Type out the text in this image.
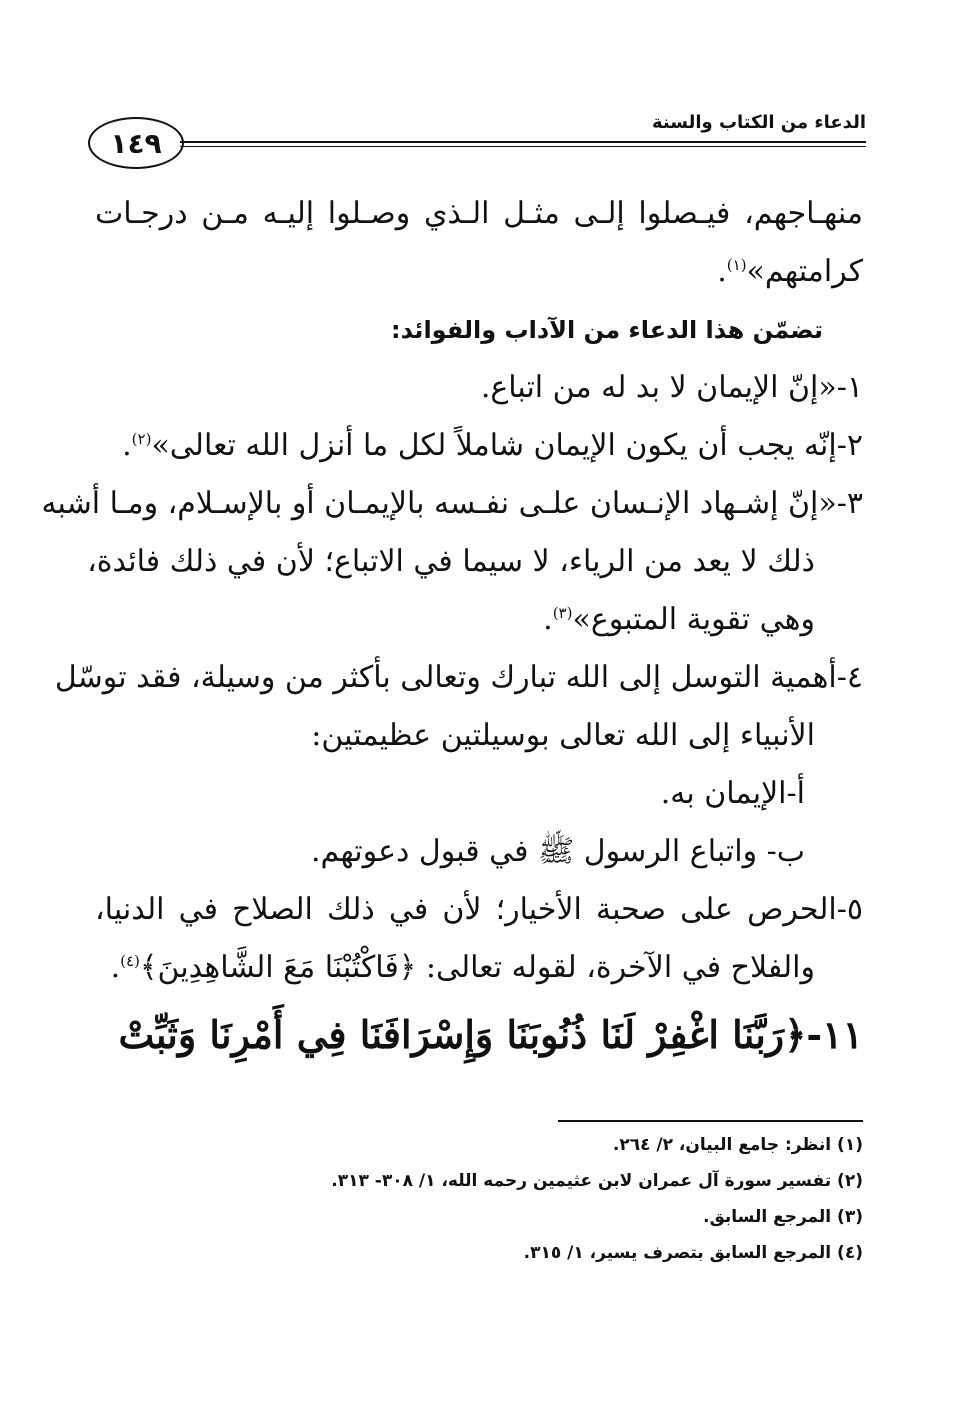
١٤٩
الدعاء من الكتاب والسنة
منهـاجهم، فيـصلوا إلـى مثـل الـذي وصـلوا إليـه مـن درجـات
كرامتهم»$^{(١)}$.
تضمّن هذا الدعاء من الآداب والفوائد:
١-«إنّ الإيمان لا بد له من اتباع.
٢-إنّه يجب أن يكون الإيمان شاملاً لكل ما أنزل الله تعالى»$^{(٢)}$.
٣-«إنّ إشـهاد الإنـسان علـى نفـسه بالإيمـان أو بالإسـلام، ومـا أشبه
ذلك لا يعد من الرياء، لا سيما في الاتباع؛ لأن في ذلك فائدة،
وهي تقوية المتبوع»$^{(٣)}$.
٤-أهمية التوسل إلى الله تبارك وتعالى بأكثر من وسيلة، فقد توسّل
الأنبياء إلى الله تعالى بوسيلتين عظيمتين:
أ-الإيمان به.
ب- واتباع الرسول ﷺ في قبول دعوتهم.
٥-الحرص على صحبة الأخيار؛ لأن في ذلك الصلاح في الدنيا،
والفلاح في الآخرة، لقوله تعالى: ﴿فَاكْتُبْنَا مَعَ الشَّاهِدِينَ﴾$^{(٤)}$.
١١-﴿رَبَّنَا اغْفِرْ لَنَا ذُنُوبَنَا وَإِسْرَافَنَا فِي أَمْرِنَا وَثَبِّتْ
(١) انظر: جامع البيان، ٢/ ٢٦٤.
(٢) تفسير سورة آل عمران لابن عثيمين رحمه الله، ١/ ٣٠٨- ٣١٣.
(٣) المرجع السابق.
(٤) المرجع السابق بتصرف يسير، ١/ ٣١٥.
